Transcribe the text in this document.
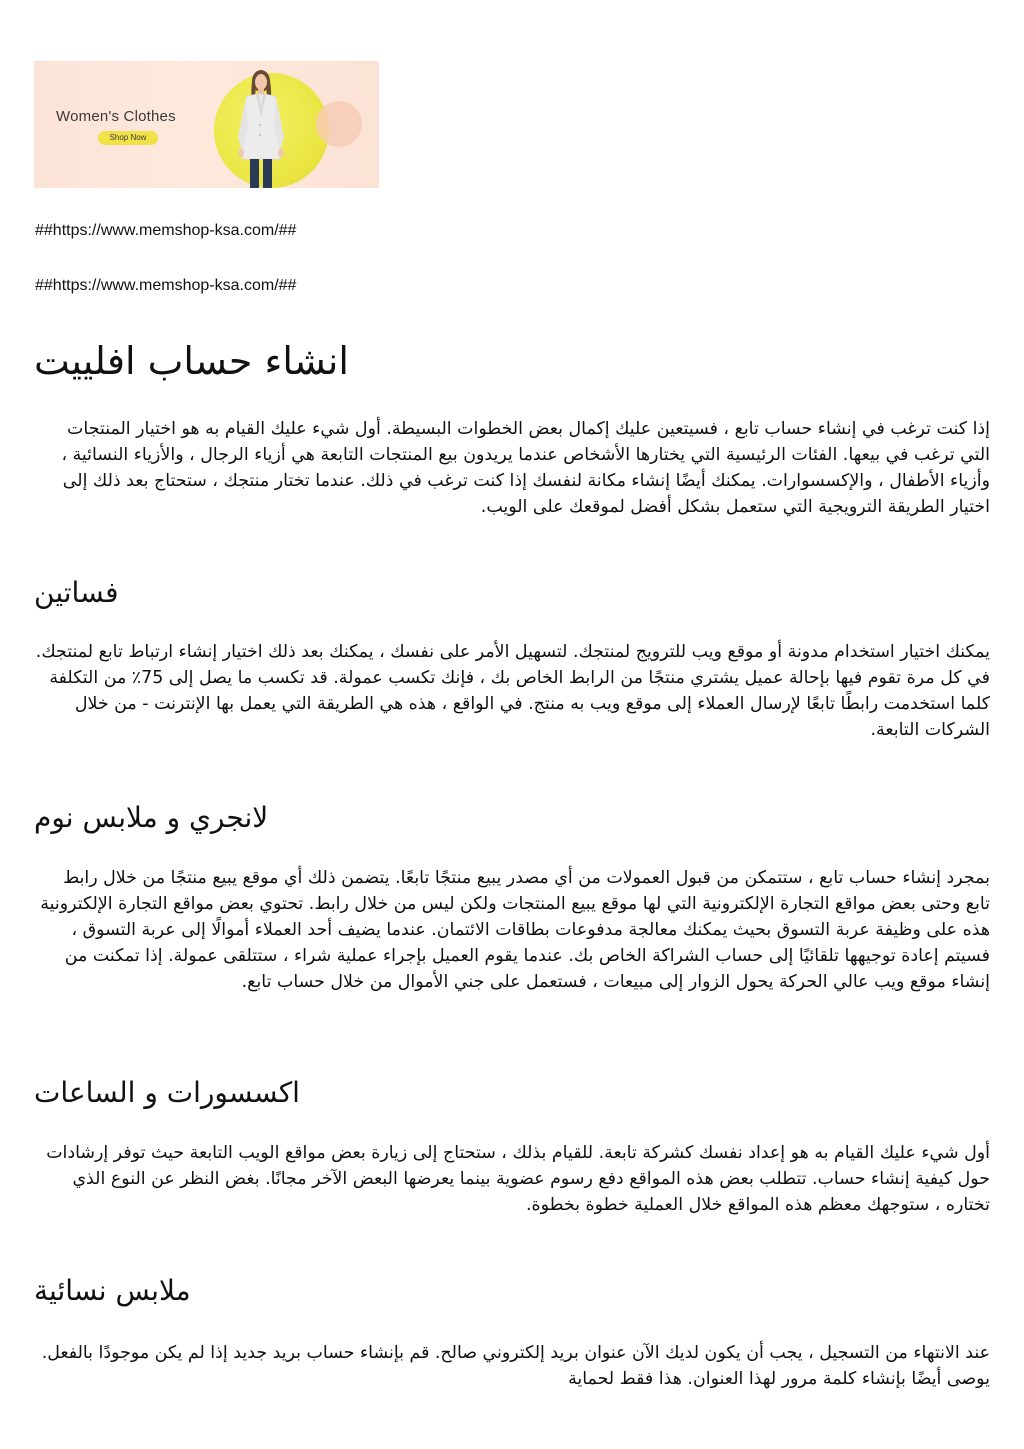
Women's Clothes
Shop Now
##https://www.memshop-ksa.com/##
##https://www.memshop-ksa.com/##
انشاء حساب افلييت

إذا كنت ترغب في إنشاء حساب تابع ، فسيتعين عليك إكمال بعض الخطوات البسيطة. أول شيء عليك القيام به هو اختيار المنتجات التي ترغب في بيعها. الفئات الرئيسية التي يختارها الأشخاص عندما يريدون بيع المنتجات التابعة هي أزياء الرجال ، والأزياء النسائية ، وأزياء الأطفال ، والإكسسوارات. يمكنك أيضًا إنشاء مكانة لنفسك إذا كنت ترغب في ذلك. عندما تختار منتجك ، ستحتاج بعد ذلك إلى اختيار الطريقة الترويجية التي ستعمل بشكل أفضل لموقعك على الويب.

فساتين

يمكنك اختيار استخدام مدونة أو موقع ويب للترويج لمنتجك. لتسهيل الأمر على نفسك ، يمكنك بعد ذلك اختيار إنشاء ارتباط تابع لمنتجك. في كل مرة تقوم فيها بإحالة عميل يشتري منتجًا من الرابط الخاص بك ، فإنك تكسب عمولة. قد تكسب ما يصل إلى 75٪ من التكلفة كلما استخدمت رابطًا تابعًا لإرسال العملاء إلى موقع ويب به منتج. في الواقع ، هذه هي الطريقة التي يعمل بها الإنترنت - من خلال الشركات التابعة.

لانجري و ملابس نوم

بمجرد إنشاء حساب تابع ، ستتمكن من قبول العمولات من أي مصدر يبيع منتجًا تابعًا. يتضمن ذلك أي موقع يبيع منتجًا من خلال رابط تابع وحتى بعض مواقع التجارة الإلكترونية التي لها موقع يبيع المنتجات ولكن ليس من خلال رابط. تحتوي بعض مواقع التجارة الإلكترونية هذه على وظيفة عربة التسوق بحيث يمكنك معالجة مدفوعات بطاقات الائتمان. عندما يضيف أحد العملاء أموالًا إلى عربة التسوق ، فسيتم إعادة توجيهها تلقائيًا إلى حساب الشراكة الخاص بك. عندما يقوم العميل بإجراء عملية شراء ، ستتلقى عمولة. إذا تمكنت من إنشاء موقع ويب عالي الحركة يحول الزوار إلى مبيعات ، فستعمل على جني الأموال من خلال حساب تابع.

اكسسورات و الساعات

أول شيء عليك القيام به هو إعداد نفسك كشركة تابعة. للقيام بذلك ، ستحتاج إلى زيارة بعض مواقع الويب التابعة حيث توفر إرشادات حول كيفية إنشاء حساب. تتطلب بعض هذه المواقع دفع رسوم عضوية بينما يعرضها البعض الآخر مجانًا. بغض النظر عن النوع الذي تختاره ، ستوجهك معظم هذه المواقع خلال العملية خطوة بخطوة.

ملابس نسائية

عند الانتهاء من التسجيل ، يجب أن يكون لديك الآن عنوان بريد إلكتروني صالح. قم بإنشاء حساب بريد جديد إذا لم يكن موجودًا بالفعل. يوصى أيضًا بإنشاء كلمة مرور لهذا العنوان. هذا فقط لحماية
